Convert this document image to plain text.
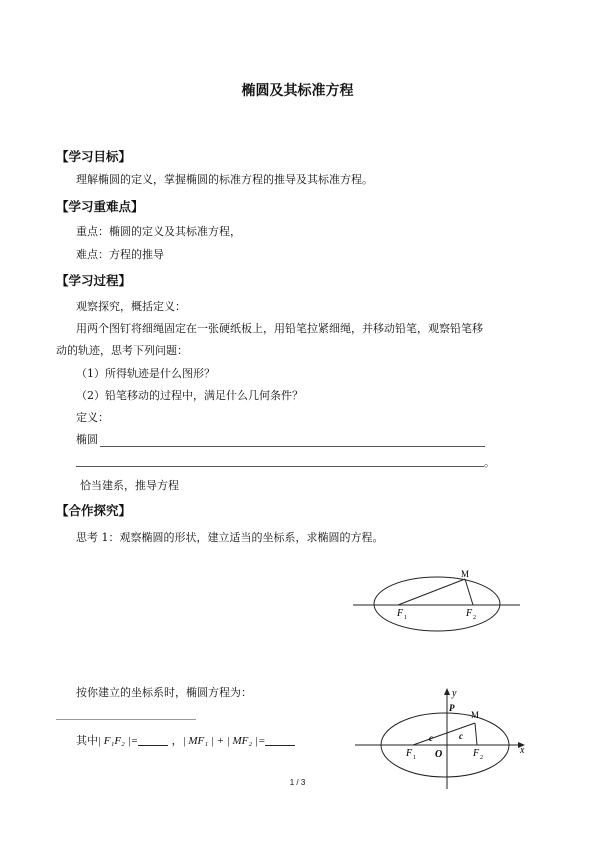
椭圆及其标准方程
【学习目标】
理解椭圆的定义，掌握椭圆的标准方程的推导及其标准方程。
【学习重难点】
重点：椭圆的定义及其标准方程，
难点：方程的推导
【学习过程】
观察探究，概括定义：
用两个图钉将细绳固定在一张硬纸板上，用铅笔拉紧细绳，并移动铅笔，观察铅笔移
动的轨迹，思考下列问题：
（1）所得轨迹是什么图形？
（2）铅笔移动的过程中，满足什么几何条件？
定义：
椭圆
。
恰当建系，推导方程
【合作探究】
思考 1：观察椭圆的形状，建立适当的坐标系，求椭圆的方程。
M
F 1	F 2
按你建立的坐标系时，椭圆方程为：
其中| F₁F₂ |=	，| MF₁ | + | MF₂ |=
y
x
P
M
O
c	c
F 1	F 2
1 / 3
